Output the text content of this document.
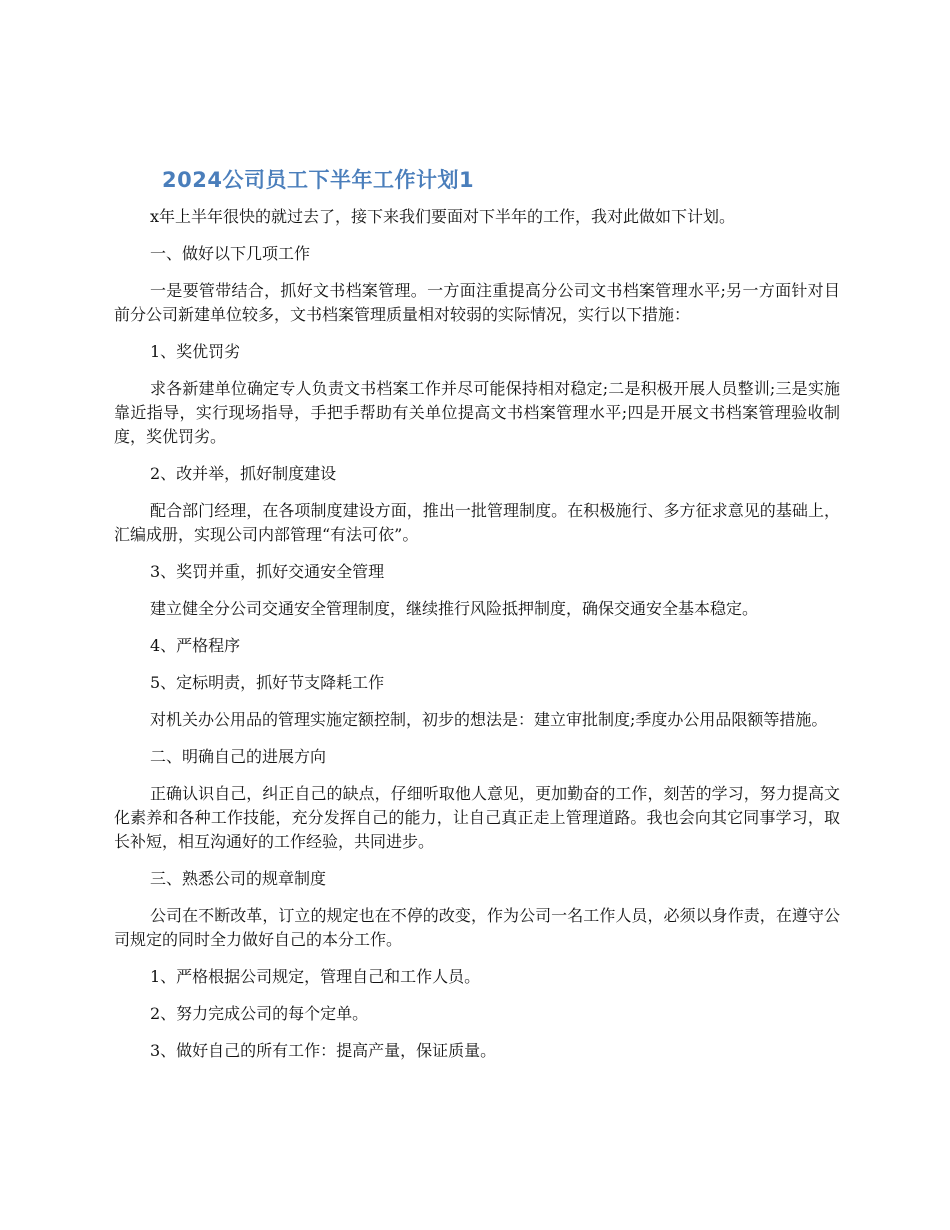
2024公司员工下半年工作计划1

x年上半年很快的就过去了，接下来我们要面对下半年的工作，我对此做如下计划。

一、做好以下几项工作

一是要管带结合，抓好文书档案管理。一方面注重提高分公司文书档案管理水平;另一方面针对目前分公司新建单位较多，文书档案管理质量相对较弱的实际情况，实行以下措施：

1、奖优罚劣

求各新建单位确定专人负责文书档案工作并尽可能保持相对稳定;二是积极开展人员整训;三是实施靠近指导，实行现场指导，手把手帮助有关单位提高文书档案管理水平;四是开展文书档案管理验收制度，奖优罚劣。

2、改并举，抓好制度建设

配合部门经理，在各项制度建设方面，推出一批管理制度。在积极施行、多方征求意见的基础上，汇编成册，实现公司内部管理“有法可依”。

3、奖罚并重，抓好交通安全管理

建立健全分公司交通安全管理制度，继续推行风险抵押制度，确保交通安全基本稳定。

4、严格程序

5、定标明责，抓好节支降耗工作

对机关办公用品的管理实施定额控制，初步的想法是：建立审批制度;季度办公用品限额等措施。

二、明确自己的进展方向

正确认识自己，纠正自己的缺点，仔细听取他人意见，更加勤奋的工作，刻苦的学习，努力提高文化素养和各种工作技能，充分发挥自己的能力，让自己真正走上管理道路。我也会向其它同事学习，取长补短，相互沟通好的工作经验，共同进步。

三、熟悉公司的规章制度

公司在不断改革，订立的规定也在不停的改变，作为公司一名工作人员，必须以身作责，在遵守公司规定的同时全力做好自己的本分工作。

1、严格根据公司规定，管理自己和工作人员。

2、努力完成公司的每个定单。

3、做好自己的所有工作：提高产量，保证质量。
